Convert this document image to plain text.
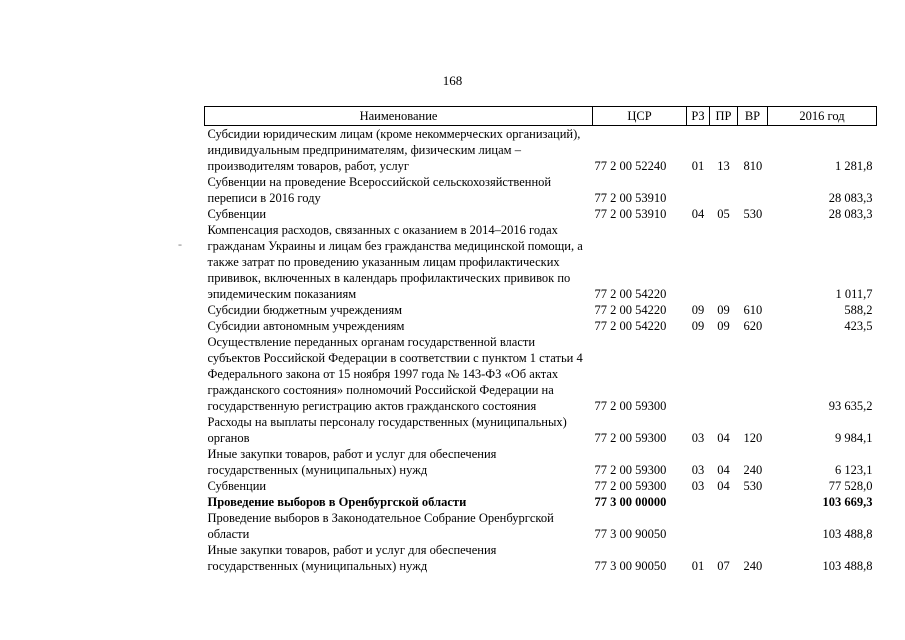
168
-
Наименование	ЦСР	РЗ	ПР	ВР	2016 год
Субсидии юридическим лицам (кроме некоммерческих организаций), индивидуальным предпринимателям, физическим лицам – производителям товаров, работ, услуг	77 2 00 52240	01	13	810	1 281,8
Субвенции на проведение Всероссийской сельскохозяйственной переписи в 2016 году	77 2 00 53910				28 083,3
Субвенции	77 2 00 53910	04	05	530	28 083,3
Компенсация расходов, связанных с оказанием в 2014–2016 годах гражданам Украины и лицам без гражданства медицинской помощи, а также затрат по проведению указанным лицам профилактических прививок, включенных в календарь профилактических прививок по эпидемическим показаниям	77 2 00 54220				1 011,7
Субсидии бюджетным учреждениям	77 2 00 54220	09	09	610	588,2
Субсидии автономным учреждениям	77 2 00 54220	09	09	620	423,5
Осуществление переданных органам государственной власти субъектов Российской Федерации в соответствии с пунктом 1 статьи 4 Федерального закона от 15 ноября 1997 года № 143-ФЗ «Об актах гражданского состояния» полномочий Российской Федерации на государственную регистрацию актов гражданского состояния	77 2 00 59300				93 635,2
Расходы на выплаты персоналу государственных (муниципальных) органов	77 2 00 59300	03	04	120	9 984,1
Иные закупки товаров, работ и услуг для обеспечения государственных (муниципальных) нужд	77 2 00 59300	03	04	240	6 123,1
Субвенции	77 2 00 59300	03	04	530	77 528,0
Проведение выборов в Оренбургской области	77 3 00 00000				103 669,3
Проведение выборов в Законодательное Собрание Оренбургской области	77 3 00 90050				103 488,8
Иные закупки товаров, работ и услуг для обеспечения государственных (муниципальных) нужд	77 3 00 90050	01	07	240	103 488,8
